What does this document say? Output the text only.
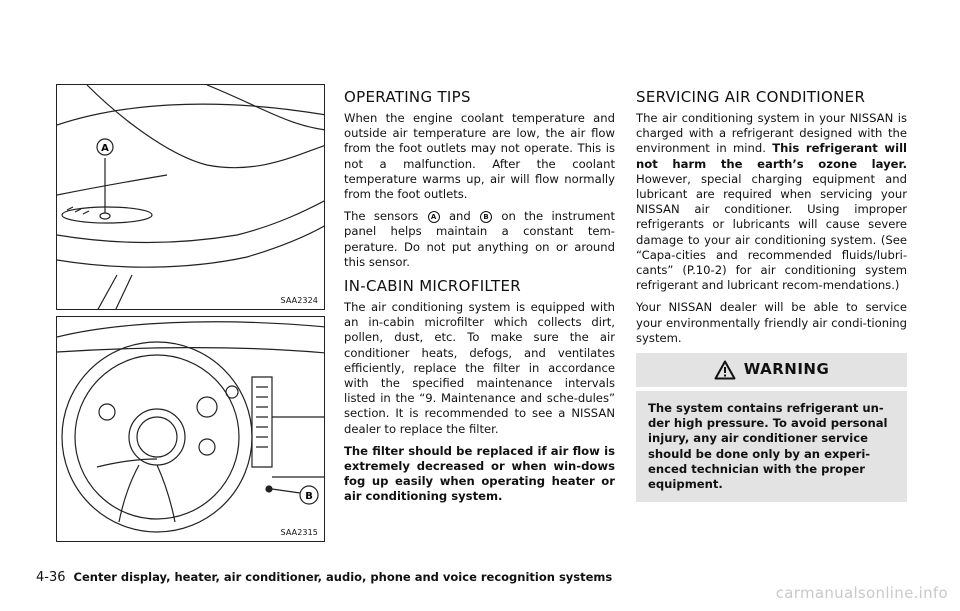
A
SAA2324
B
SAA2315
OPERATING TIPS

When the engine coolant temperature and outside air temperature are low, the air flow from the foot outlets may not operate. This is not a malfunction. After the coolant temperature warms up, air will flow normally from the foot outlets.

The sensors A and B on the instrument panel helps maintain a constant tem-perature. Do not put anything on or around this sensor.

IN-CABIN MICROFILTER

The air conditioning system is equipped with an in-cabin microfilter which collects dirt, pollen, dust, etc. To make sure the air conditioner heats, defogs, and ventilates efficiently, replace the filter in accordance with the specified maintenance intervals listed in the “9. Maintenance and sche-dules” section. It is recommended to see a NISSAN dealer to replace the filter.

The filter should be replaced if air flow is extremely decreased or when win-dows fog up easily when operating heater or air conditioning system.

SERVICING AIR CONDITIONER

The air conditioning system in your NISSAN is charged with a refrigerant designed with the environment in mind. This refrigerant will not harm the earth’s ozone layer. However, special charging equipment and lubricant are required when servicing your NISSAN air conditioner. Using improper refrigerants or lubricants will cause severe damage to your air conditioning system. (See “Capa-cities and recommended fluids/lubri-cants” (P.10-2) for air conditioning system refrigerant and lubricant recom-mendations.)

Your NISSAN dealer will be able to service your environmentally friendly air condi-tioning system.

WARNING
The system contains refrigerant un-der high pressure. To avoid personal injury, any air conditioner service should be done only by an experi-enced technician with the proper equipment.
4-36 Center display, heater, air conditioner, audio, phone and voice recognition systems
carmanualsonline.info
